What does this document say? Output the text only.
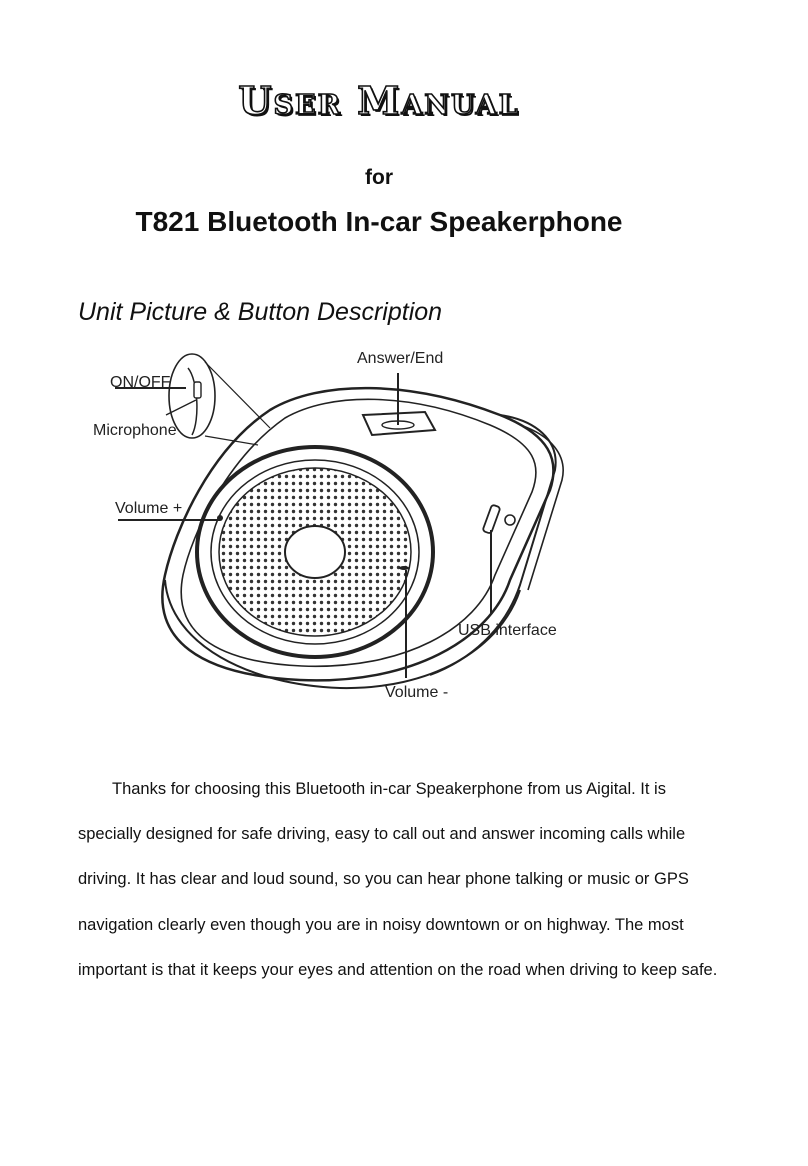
User Manual
for
T821 Bluetooth In-car Speakerphone
Unit Picture & Button Description
Answer/End
ON/OFF
Microphone
Volume +
USB interface
Volume -

Thanks for choosing this Bluetooth in-car Speakerphone from us Aigital. It is specially designed for safe driving, easy to call out and answer incoming calls while driving. It has clear and loud sound, so you can hear phone talking or music or GPS navigation clearly even though you are in noisy downtown or on highway. The most important is that it keeps your eyes and attention on the road when driving to keep safe.
